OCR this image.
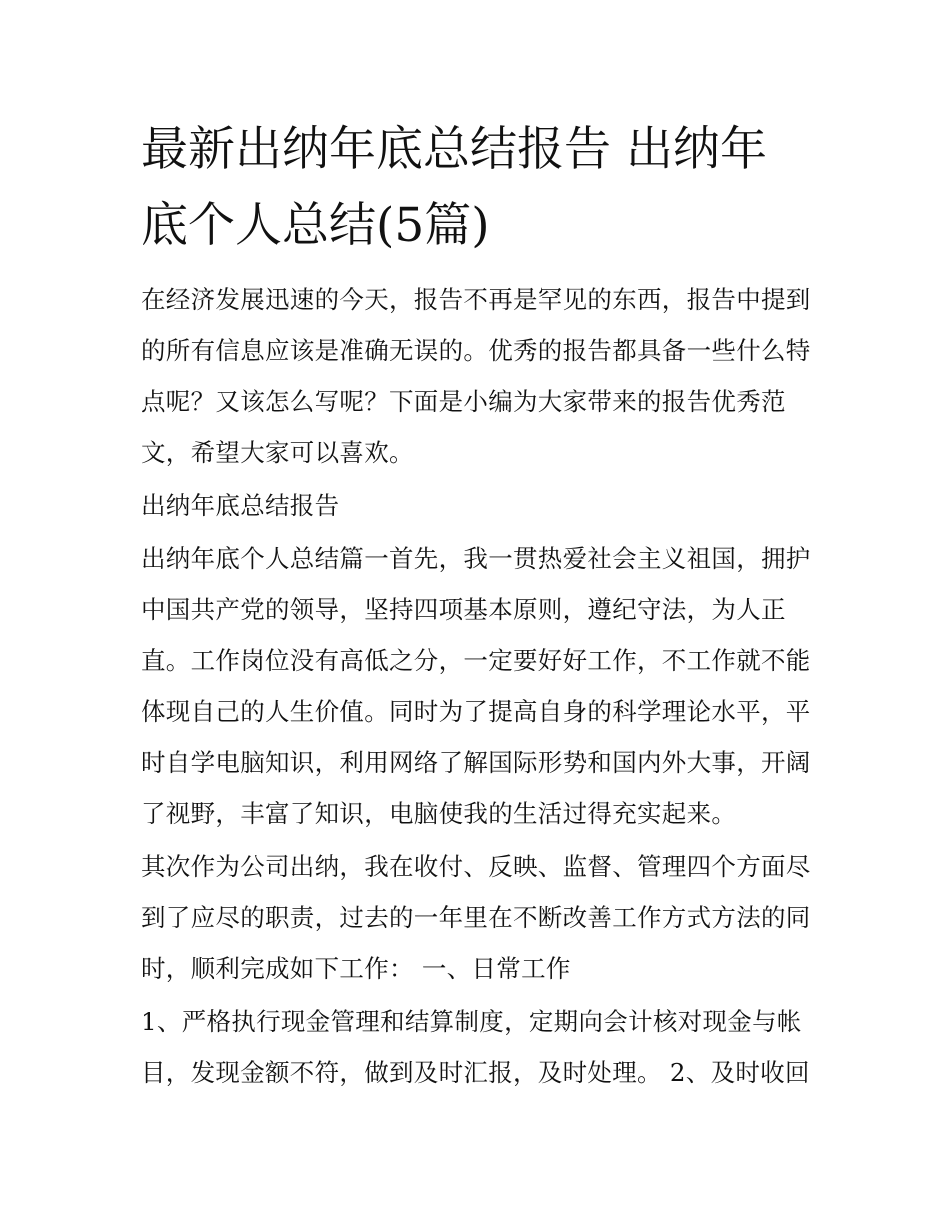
最新出纳年底总结报告 出纳年底个人总结(5篇)

在经济发展迅速的今天，报告不再是罕见的东西，报告中提到的所有信息应该是准确无误的。优秀的报告都具备一些什么特点呢？又该怎么写呢？下面是小编为大家带来的报告优秀范文，希望大家可以喜欢。

出纳年底总结报告

出纳年底个人总结篇一首先，我一贯热爱社会主义祖国，拥护中国共产党的领导，坚持四项基本原则，遵纪守法，为人正直。工作岗位没有高低之分，一定要好好工作，不工作就不能体现自己的人生价值。同时为了提高自身的科学理论水平，平时自学电脑知识，利用网络了解国际形势和国内外大事，开阔了视野，丰富了知识，电脑使我的生活过得充实起来。

其次作为公司出纳，我在收付、反映、监督、管理四个方面尽到了应尽的职责，过去的一年里在不断改善工作方式方法的同时，顺利完成如下工作： 一、日常工作

1、严格执行现金管理和结算制度，定期向会计核对现金与帐目，发现金额不符，做到及时汇报，及时处理。 2、及时收回
